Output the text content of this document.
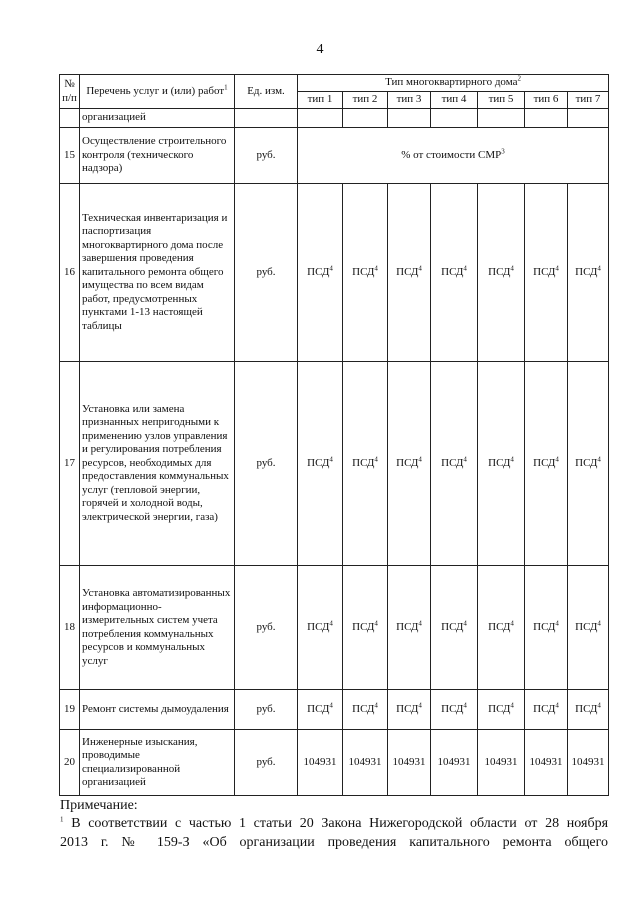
4
№ п/п	Перечень услуг и (или) работ$^1$	Ед. изм.	Тип многоквартирного дома$^2$
			тип 1	тип 2	тип 3	тип 4	тип 5	тип 6	тип 7
	организацией								
15	Осуществление строительного контроля (технического надзора)	руб.	% от стоимости СМР$^3$
16	Техническая инвентаризация и паспортизация многоквартирного дома после завершения проведения капитального ремонта общего имущества по всем видам работ, предусмотренных пунктами 1-13 настоящей таблицы	руб.	ПСД$^4$	ПСД$^4$	ПСД$^4$	ПСД$^4$	ПСД$^4$	ПСД$^4$	ПСД$^4$
17	Установка или замена признанных непригодными к применению узлов управления и регулирования потребления ресурсов, необходимых для предоставления коммунальных услуг (тепловой энергии, горячей и холодной воды, электрической энергии, газа)	руб.	ПСД$^4$	ПСД$^4$	ПСД$^4$	ПСД$^4$	ПСД$^4$	ПСД$^4$	ПСД$^4$
18	Установка автоматизированных информационно-измерительных систем учета потребления коммунальных ресурсов и коммунальных услуг	руб.	ПСД$^4$	ПСД$^4$	ПСД$^4$	ПСД$^4$	ПСД$^4$	ПСД$^4$	ПСД$^4$
19	Ремонт системы дымоудаления	руб.	ПСД$^4$	ПСД$^4$	ПСД$^4$	ПСД$^4$	ПСД$^4$	ПСД$^4$	ПСД$^4$
20	Инженерные изыскания, проводимые специализированной организацией	руб.	104931	104931	104931	104931	104931	104931	104931
Примечание:
$^1$ В соответствии с частью 1 статьи 20 Закона Нижегородской области от 28 ноября
2013 г. № 159-З «Об организации проведения капитального ремонта общего
